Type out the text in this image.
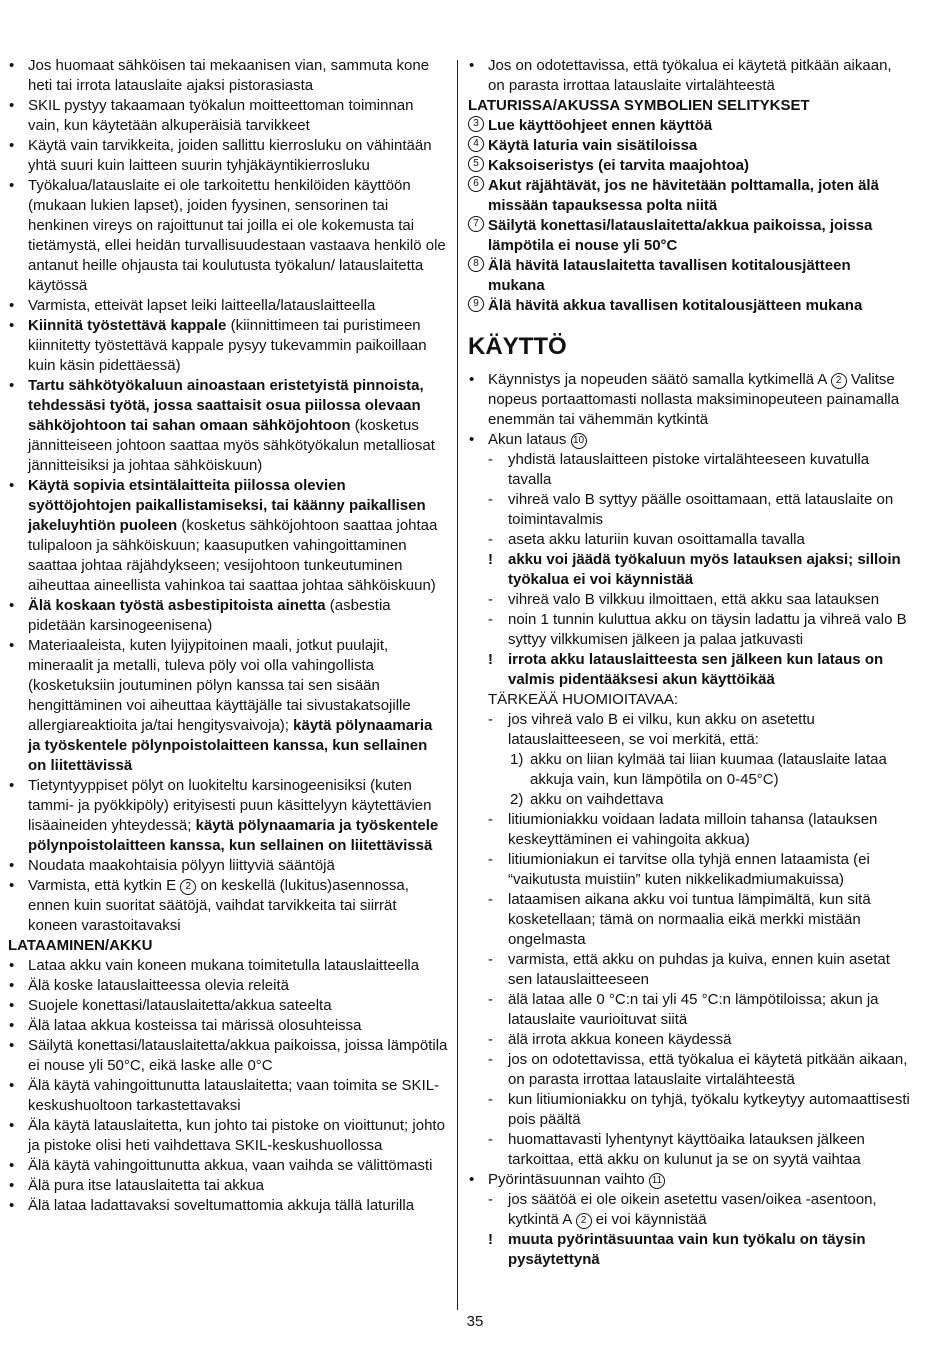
• Jos huomaat sähköisen tai mekaanisen vian, sammuta kone heti tai irrota latauslaite ajaksi pistorasiasta
• SKIL pystyy takaamaan työkalun moitteettoman toiminnan vain, kun käytetään alkuperäisiä tarvikkeet
• Käytä vain tarvikkeita, joiden sallittu kierrosluku on vähintään yhtä suuri kuin laitteen suurin tyhjäkäyntikierrosluku
• Työkalua/latauslaite ei ole tarkoitettu henkilöiden käyttöön (mukaan lukien lapset), joiden fyysinen, sensorinen tai henkinen vireys on rajoittunut tai joilla ei ole kokemusta tai tietämystä, ellei heidän turvallisuudestaan vastaava henkilö ole antanut heille ohjausta tai koulutusta työkalun/ latauslaitetta käytössä
• Varmista, etteivät lapset leiki laitteella/latauslaitteella
• Kiinnitä työstettävä kappale (kiinnittimeen tai puristimeen kiinnitetty työstettävä kappale pysyy tukevammin paikoillaan kuin käsin pidettäessä)
• Tartu sähkötyökaluun ainoastaan eristetyistä pinnoista, tehdessäsi työtä, jossa saattaisit osua piilossa olevaan sähköjohtoon tai sahan omaan sähköjohtoon (kosketus jännitteiseen johtoon saattaa myös sähkötyökalun metalliosat jännitteisiksi ja johtaa sähköiskuun)
• Käytä sopivia etsintälaitteita piilossa olevien syöttöjohtojen paikallistamiseksi, tai käänny paikallisen jakeluyhtiön puoleen (kosketus sähköjohtoon saattaa johtaa tulipaloon ja sähköiskuun; kaasuputken vahingoittaminen saattaa johtaa räjähdykseen; vesijohtoon tunkeutuminen aiheuttaa aineellista vahinkoa tai saattaa johtaa sähköiskuun)
• Älä koskaan työstä asbestipitoista ainetta (asbestia pidetään karsinogeenisena)
• Materiaaleista, kuten lyijypitoinen maali, jotkut puulajit, mineraalit ja metalli, tuleva pöly voi olla vahingollista (kosketuksiin joutuminen pölyn kanssa tai sen sisään hengittäminen voi aiheuttaa käyttäjälle tai sivustakatsojille allergiareaktioita ja/tai hengitysvaivoja); käytä pölynaamaria ja työskentele pölynpoistolaitteen kanssa, kun sellainen on liitettävissä
• Tietyntyyppiset pölyt on luokiteltu karsinogeenisiksi (kuten tammi- ja pyökkipöly) erityisesti puun käsittelyyn käytettävien lisäaineiden yhteydessä; käytä pölynaamaria ja työskentele pölynpoistolaitteen kanssa, kun sellainen on liitettävissä
• Noudata maakohtaisia pölyyn liittyviä sääntöjä
• Varmista, että kytkin E 2 on keskellä (lukitus)asennossa, ennen kuin suoritat säätöjä, vaihdat tarvikkeita tai siirrät koneen varastoitavaksi
LATAAMINEN/AKKU
• Lataa akku vain koneen mukana toimitetulla latauslaitteella
• Älä koske latauslaitteessa olevia releitä
• Suojele konettasi/latauslaitetta/akkua sateelta
• Älä lataa akkua kosteissa tai märissä olosuhteissa
• Säilytä konettasi/latauslaitetta/akkua paikoissa, joissa lämpötila ei nouse yli 50°C, eikä laske alle 0°C
• Älä käytä vahingoittunutta latauslaitetta; vaan toimita se SKIL-keskushuoltoon tarkastettavaksi
• Äla käytä latauslaitetta, kun johto tai pistoke on vioittunut; johto ja pistoke olisi heti vaihdettava SKIL-keskushuollossa
• Älä käytä vahingoittunutta akkua, vaan vaihda se välittömasti
• Älä pura itse latauslaitetta tai akkua
• Älä lataa ladattavaksi soveltumattomia akkuja tällä laturilla
• Jos on odotettavissa, että työkalua ei käytetä pitkään aikaan, on parasta irrottaa latauslaite virtalähteestä
LATURISSA/AKUSSA SYMBOLIEN SELITYKSET
3 Lue käyttöohjeet ennen käyttöä
4 Käytä laturia vain sisätiloissa
5 Kaksoiseristys (ei tarvita maajohtoa)
6 Akut räjähtävät, jos ne hävitetään polttamalla, joten älä missään tapauksessa polta niitä
7 Säilytä konettasi/latauslaitetta/akkua paikoissa, joissa lämpötila ei nouse yli 50°C
8 Älä hävitä latauslaitetta tavallisen kotitalousjätteen mukana
9 Älä hävitä akkua tavallisen kotitalousjätteen mukana
KÄYTTÖ
• Käynnistys ja nopeuden säätö samalla kytkimellä A 2 Valitse nopeus portaattomasti nollasta maksiminopeuteen painamalla enemmän tai vähemmän kytkintä
• Akun lataus 10
- yhdistä latauslaitteen pistoke virtalähteeseen kuvatulla tavalla
- vihreä valo B syttyy päälle osoittamaan, että latauslaite on toimintavalmis
- aseta akku laturiin kuvan osoittamalla tavalla
! akku voi jäädä työkaluun myös latauksen ajaksi; silloin työkalua ei voi käynnistää
- vihreä valo B vilkkuu ilmoittaen, että akku saa latauksen
- noin 1 tunnin kuluttua akku on täysin ladattu ja vihreä valo B syttyy vilkkumisen jälkeen ja palaa jatkuvasti
! irrota akku latauslaitteesta sen jälkeen kun lataus on valmis pidentääksesi akun käyttöikää
TÄRKEÄÄ HUOMIOITAVAA:
- jos vihreä valo B ei vilku, kun akku on asetettu latauslaitteeseen, se voi merkitä, että:
1) akku on liian kylmää tai liian kuumaa (latauslaite lataa akkuja vain, kun lämpötila on 0-45°C)
2) akku on vaihdettava
- litiumioniakku voidaan ladata milloin tahansa (latauksen keskeyttäminen ei vahingoita akkua)
- litiumioniakun ei tarvitse olla tyhjä ennen lataamista (ei “vaikutusta muistiin” kuten nikkelikadmiumakuissa)
- lataamisen aikana akku voi tuntua lämpimältä, kun sitä kosketellaan; tämä on normaalia eikä merkki mistään ongelmasta
- varmista, että akku on puhdas ja kuiva, ennen kuin asetat sen latauslaitteeseen
- älä lataa alle 0 °C:n tai yli 45 °C:n lämpötiloissa; akun ja latauslaite vaurioituvat siitä
- älä irrota akkua koneen käydessä
- jos on odotettavissa, että työkalua ei käytetä pitkään aikaan, on parasta irrottaa latauslaite virtalähteestä
- kun litiumioniakku on tyhjä, työkalu kytkeytyy automaattisesti pois päältä
- huomattavasti lyhentynyt käyttöaika latauksen jälkeen tarkoittaa, että akku on kulunut ja se on syytä vaihtaa
• Pyörintäsuunnan vaihto 11
- jos säätöä ei ole oikein asetettu vasen/oikea -asentoon, kytkintä A 2 ei voi käynnistää
! muuta pyörintäsuuntaa vain kun työkalu on täysin pysäytettynä
35
